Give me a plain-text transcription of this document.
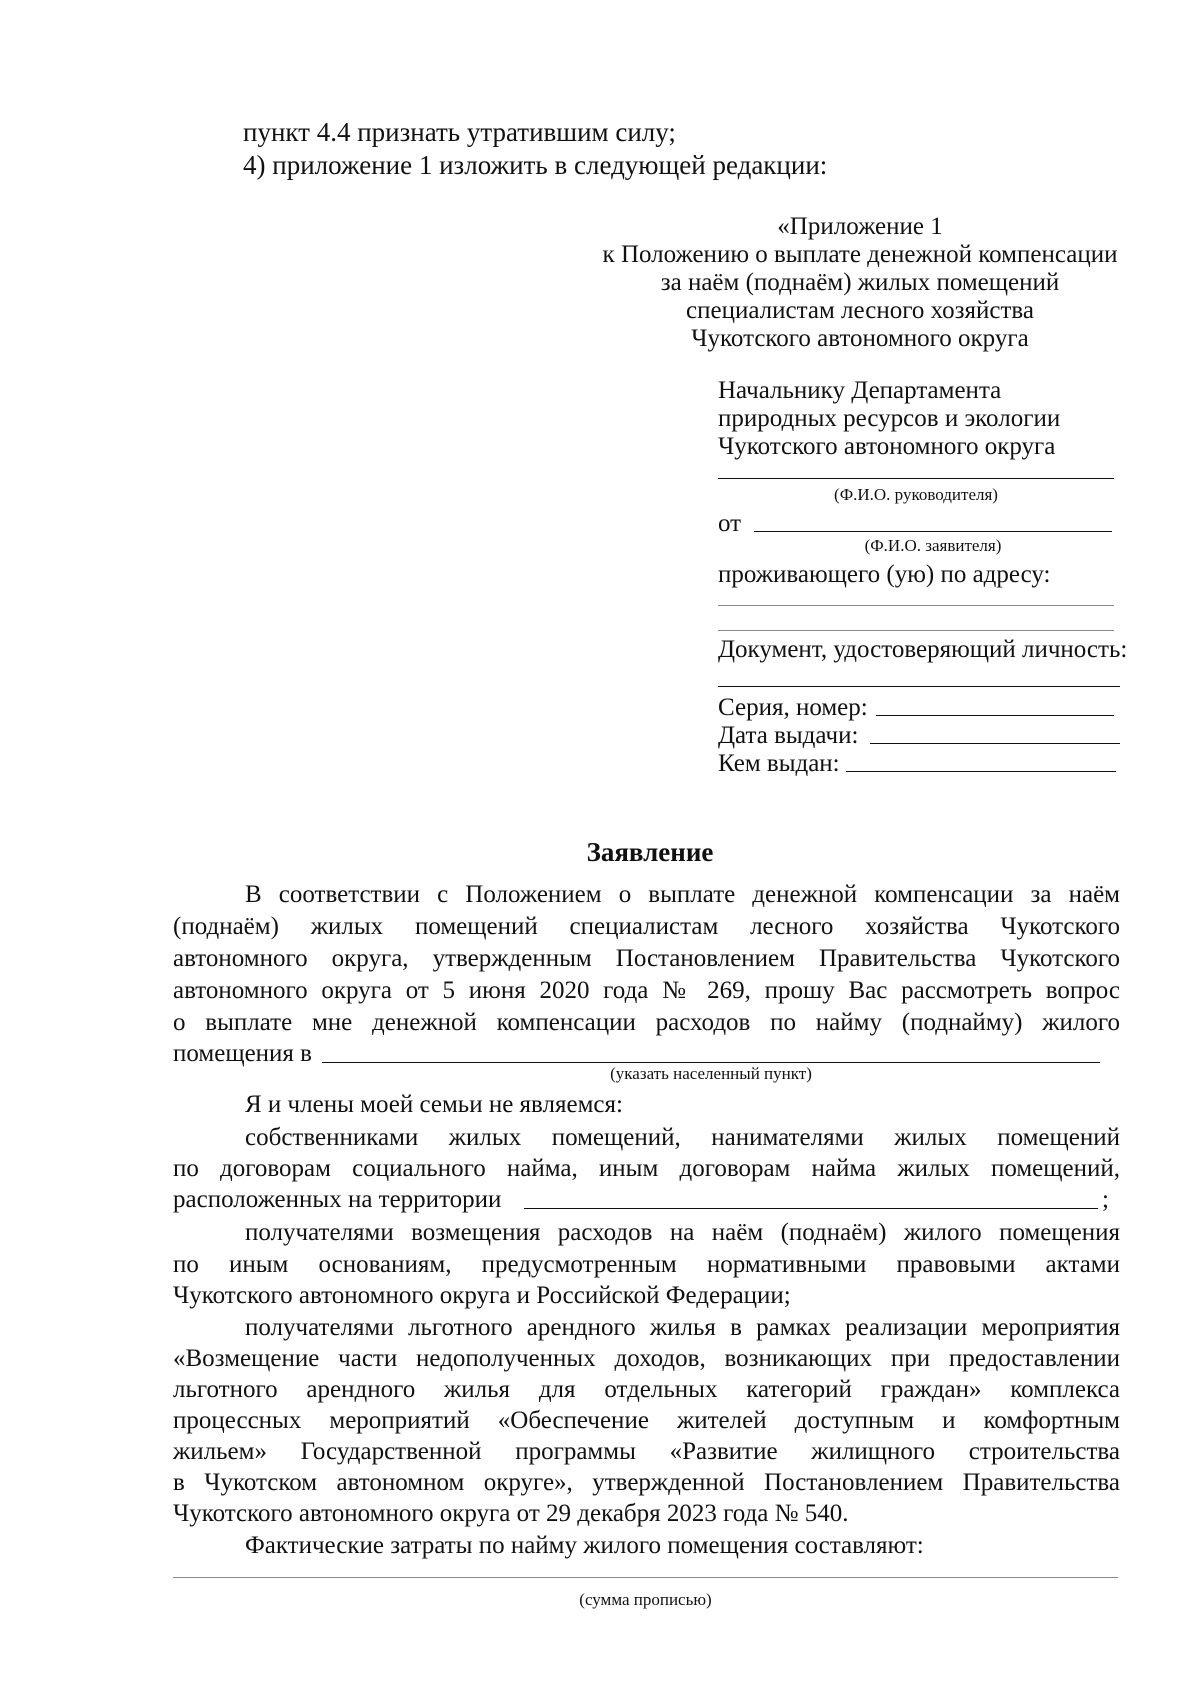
пункт 4.4 признать утратившим силу;
4) приложение 1 изложить в следующей редакции:
«Приложение 1
к Положению о выплате денежной компенсации
за наём (поднаём) жилых помещений
специалистам лесного хозяйства
Чукотского автономного округа
Начальнику Департамента
природных ресурсов и экологии
Чукотского автономного округа
(Ф.И.О. руководителя)
от
(Ф.И.О. заявителя)
проживающего (ую) по адресу:
Документ, удостоверяющий личность:
Серия, номер:
Дата выдачи:
Кем выдан:
Заявление
В соответствии с Положением о выплате денежной компенсации за наём
(поднаём) жилых помещений специалистам лесного хозяйства Чукотского
автономного округа, утвержденным Постановлением Правительства Чукотского
автономного округа от 5 июня 2020 года № 269, прошу Вас рассмотреть вопрос
о выплате мне денежной компенсации расходов по найму (поднайму) жилого
помещения в
(указать населенный пункт)
Я и члены моей семьи не являемся:
собственниками жилых помещений, нанимателями жилых помещений
по договорам социального найма, иным договорам найма жилых помещений,
расположенных на территории	;
получателями возмещения расходов на наём (поднаём) жилого помещения
по иным основаниям, предусмотренным нормативными правовыми актами
Чукотского автономного округа и Российской Федерации;
получателями льготного арендного жилья в рамках реализации мероприятия
«Возмещение части недополученных доходов, возникающих при предоставлении
льготного арендного жилья для отдельных категорий граждан» комплекса
процессных мероприятий «Обеспечение жителей доступным и комфортным
жильем» Государственной программы «Развитие жилищного строительства
в Чукотском автономном округе», утвержденной Постановлением Правительства
Чукотского автономного округа от 29 декабря 2023 года № 540.
Фактические затраты по найму жилого помещения составляют:
(сумма прописью)
